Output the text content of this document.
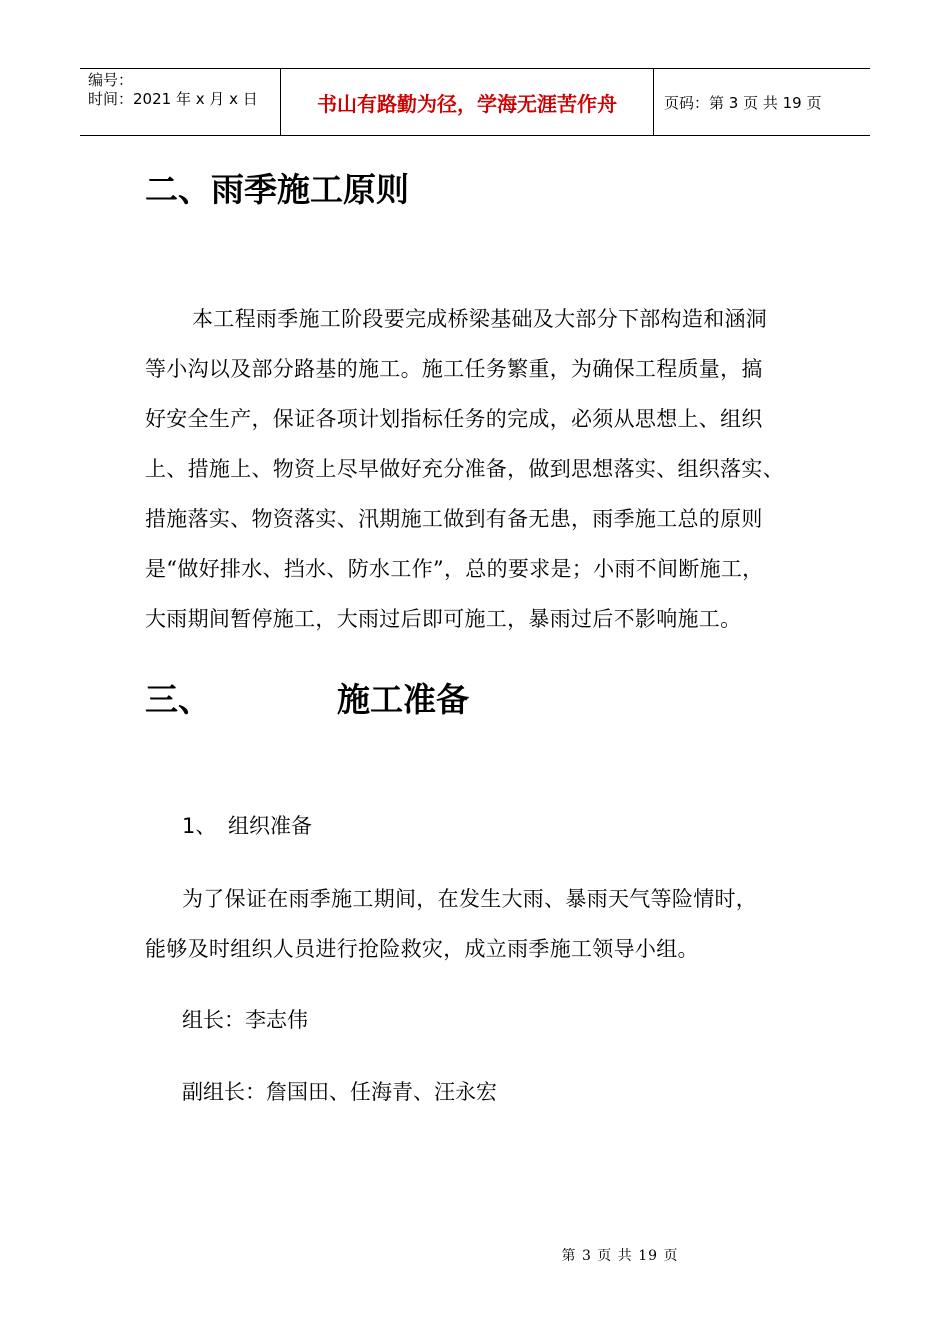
编号：
时间：2021 年 x 月 x 日	书山有路勤为径，学海无涯苦作舟	页码：第 3 页 共 19 页
二、雨季施工原则
本工程雨季施工阶段要完成桥梁基础及大部分下部构造和涵洞
等小沟以及部分路基的施工。施工任务繁重，为确保工程质量，搞
好安全生产，保证各项计划指标任务的完成，必须从思想上、组织
上、措施上、物资上尽早做好充分准备，做到思想落实、组织落实、
措施落实、物资落实、汛期施工做到有备无患，雨季施工总的原则
是“做好排水、挡水、防水工作”，总的要求是；小雨不间断施工，
大雨期间暂停施工，大雨过后即可施工，暴雨过后不影响施工。
三、	施工准备
1、 组织准备
为了保证在雨季施工期间，在发生大雨、暴雨天气等险情时，
能够及时组织人员进行抢险救灾，成立雨季施工领导小组。
组长：李志伟
副组长：詹国田、任海青、汪永宏
第 3 页 共 19 页
